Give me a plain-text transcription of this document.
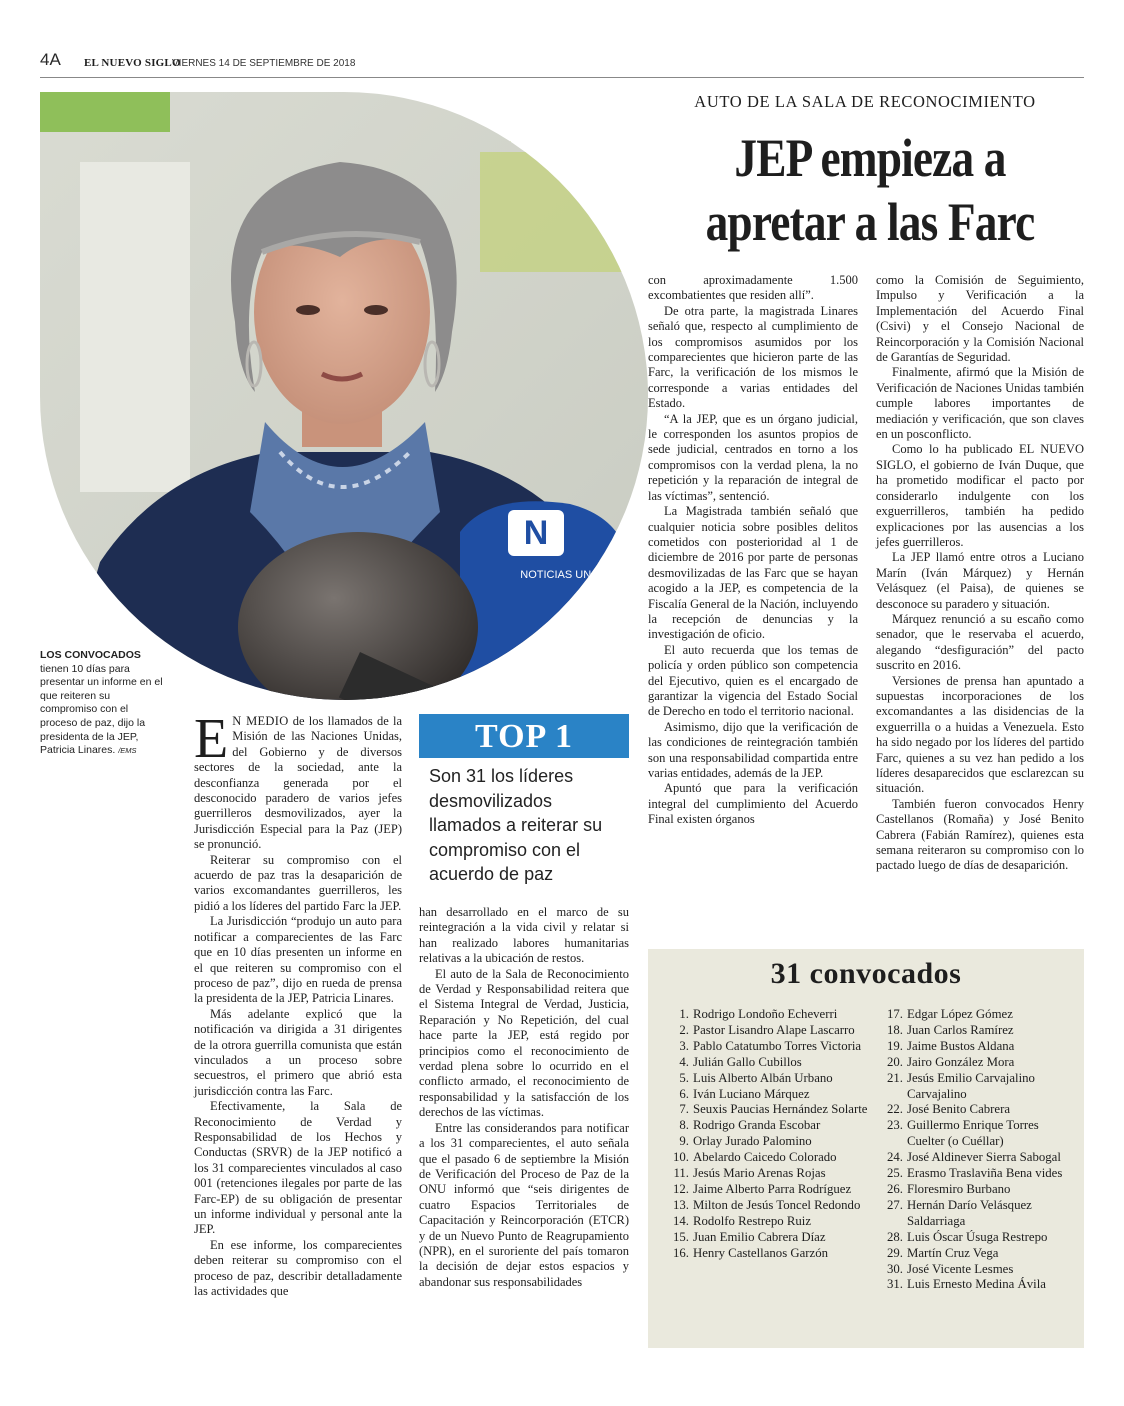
4A EL NUEVO SIGLO
VIERNES 14 DE SEPTIEMBRE DE 2018
AUTO DE LA SALA DE RECONOCIMIENTO
JEP empieza a
apretar a las Farc
N
NOTICIAS UNO
LOS CONVOCADOS
tienen 10 días para presentar un informe en el que reiteren su compromiso con el proceso de paz, dijo la presidenta de la JEP, Patricia Linares. /EMS	E N MEDIO de los llamados de la Misión de las Naciones Unidas, del Gobierno y de diversos sectores de la sociedad, ante la desconfianza generada por el desconocido paradero de varios jefes guerrilleros desmovilizados, ayer la Jurisdicción Especial para la Paz (JEP) se pronunció.

Reiterar su compromiso con el acuerdo de paz tras la desaparición de varios excomandantes guerrilleros, les pidió a los líderes del partido Farc la JEP.

La Jurisdicción “produjo un auto para notificar a comparecientes de las Farc que en 10 días presenten un informe en el que reiteren su compromiso con el proceso de paz”, dijo en rueda de prensa la presidenta de la JEP, Patricia Linares.

Más adelante explicó que la notificación va dirigida a 31 dirigentes de la otrora guerrilla comunista que están vinculados a un proceso sobre secuestros, el primero que abrió esta jurisdicción contra las Farc.

Efectivamente, la Sala de Reconocimiento de Verdad y Responsabilidad de los Hechos y Conductas (SRVR) de la JEP notificó a los 31 comparecientes vinculados al caso 001 (retenciones ilegales por parte de las Farc-EP) de su obligación de presentar un informe individual y personal ante la JEP.

En ese informe, los comparecientes deben reiterar su compromiso con el proceso de paz, describir detalladamente las actividades que

TOP 1
Son 31 los líderes desmovilizados llamados a reiterar su compromiso con el acuerdo de paz

han desarrollado en el marco de su reintegración a la vida civil y relatar si han realizado labores humanitarias relativas a la ubicación de restos.

El auto de la Sala de Reconocimiento de Verdad y Responsabilidad reitera que el Sistema Integral de Verdad, Justicia, Reparación y No Repetición, del cual hace parte la JEP, está regido por principios como el reconocimiento de verdad plena sobre lo ocurrido en el conflicto armado, el reconocimiento de responsabilidad y la satisfacción de los derechos de las víctimas.

Entre las considerandos para notificar a los 31 comparecientes, el auto señala que el pasado 6 de septiembre la Misión de Verificación del Proceso de Paz de la ONU informó que “seis dirigentes de cuatro Espacios Territoriales de Capacitación y Reincorporación (ETCR) y de un Nuevo Punto de Reagrupamiento (NPR), en el suroriente del país tomaron la decisión de dejar estos espacios y abandonar sus responsabilidades

con aproximadamente 1.500 excombatientes que residen allí”.

De otra parte, la magistrada Linares señaló que, respecto al cumplimiento de los compromisos asumidos por los comparecientes que hicieron parte de las Farc, la verificación de los mismos le corresponde a varias entidades del Estado.

“A la JEP, que es un órgano judicial, le corresponden los asuntos propios de sede judicial, centrados en torno a los compromisos con la verdad plena, la no repetición y la reparación de integral de las víctimas”, sentenció.

La Magistrada también señaló que cualquier noticia sobre posibles delitos cometidos con posterioridad al 1 de diciembre de 2016 por parte de personas desmovilizadas de las Farc que se hayan acogido a la JEP, es competencia de la Fiscalía General de la Nación, incluyendo la recepción de denuncias y la investigación de oficio.

El auto recuerda que los temas de policía y orden público son competencia del Ejecutivo, quien es el encargado de garantizar la vigencia del Estado Social de Derecho en todo el territorio nacional.

Asimismo, dijo que la verificación de las condiciones de reintegración también son una responsabilidad compartida entre varias entidades, además de la JEP.

Apuntó que para la verificación integral del cumplimiento del Acuerdo Final existen órganos

como la Comisión de Seguimiento, Impulso y Verificación a la Implementación del Acuerdo Final (Csivi) y el Consejo Nacional de Reincorporación y la Comisión Nacional de Garantías de Seguridad.

Finalmente, afirmó que la Misión de Verificación de Naciones Unidas también cumple labores importantes de mediación y verificación, que son claves en un posconflicto.

Como lo ha publicado EL NUEVO SIGLO, el gobierno de Iván Duque, que ha prometido modificar el pacto por considerarlo indulgente con los exguerrilleros, también ha pedido explicaciones por las ausencias a los jefes guerrilleros.

La JEP llamó entre otros a Luciano Marín (Iván Márquez) y Hernán Velásquez (el Paisa), de quienes se desconoce su paradero y situación.

Márquez renunció a su escaño como senador, que le reservaba el acuerdo, alegando “desfiguración” del pacto suscrito en 2016.

Versiones de prensa han apuntado a supuestas incorporaciones de los excomandantes a las disidencias de la exguerrilla o a huidas a Venezuela. Esto ha sido negado por los líderes del partido Farc, quienes a su vez han pedido a los líderes desaparecidos que esclarezcan su situación.

También fueron convocados Henry Castellanos (Romaña) y José Benito Cabrera (Fabián Ramírez), quienes esta semana reiteraron su compromiso con lo pactado luego de días de desaparición.

31 convocados
1. Rodrigo Londoño Echeverri
2. Pastor Lisandro Alape Lascarro
3. Pablo Catatumbo Torres Victoria
4. Julián Gallo Cubillos
5. Luis Alberto Albán Urbano
6. Iván Luciano Márquez
7. Seuxis Paucias Hernández Solarte
8. Rodrigo Granda Escobar
9. Orlay Jurado Palomino
10. Abelardo Caicedo Colorado
11. Jesús Mario Arenas Rojas
12. Jaime Alberto Parra Rodríguez
13. Milton de Jesús Toncel Redondo
14. Rodolfo Restrepo Ruiz
15. Juan Emilio Cabrera Díaz
16. Henry Castellanos Garzón
17. Edgar López Gómez
18. Juan Carlos Ramírez
19. Jaime Bustos Aldana
20. Jairo González Mora
21. Jesús Emilio Carvajalino Carvajalino
22. José Benito Cabrera
23. Guillermo Enrique Torres Cuelter (o Cuéllar)
24. José Aldinever Sierra Sabogal
25. Erasmo Traslaviña Bena vides
26. Floresmiro Burbano
27. Hernán Darío Velásquez Saldarriaga
28. Luis Óscar Úsuga Restrepo
29. Martín Cruz Vega
30. José Vicente Lesmes
31. Luis Ernesto Medina Ávila
